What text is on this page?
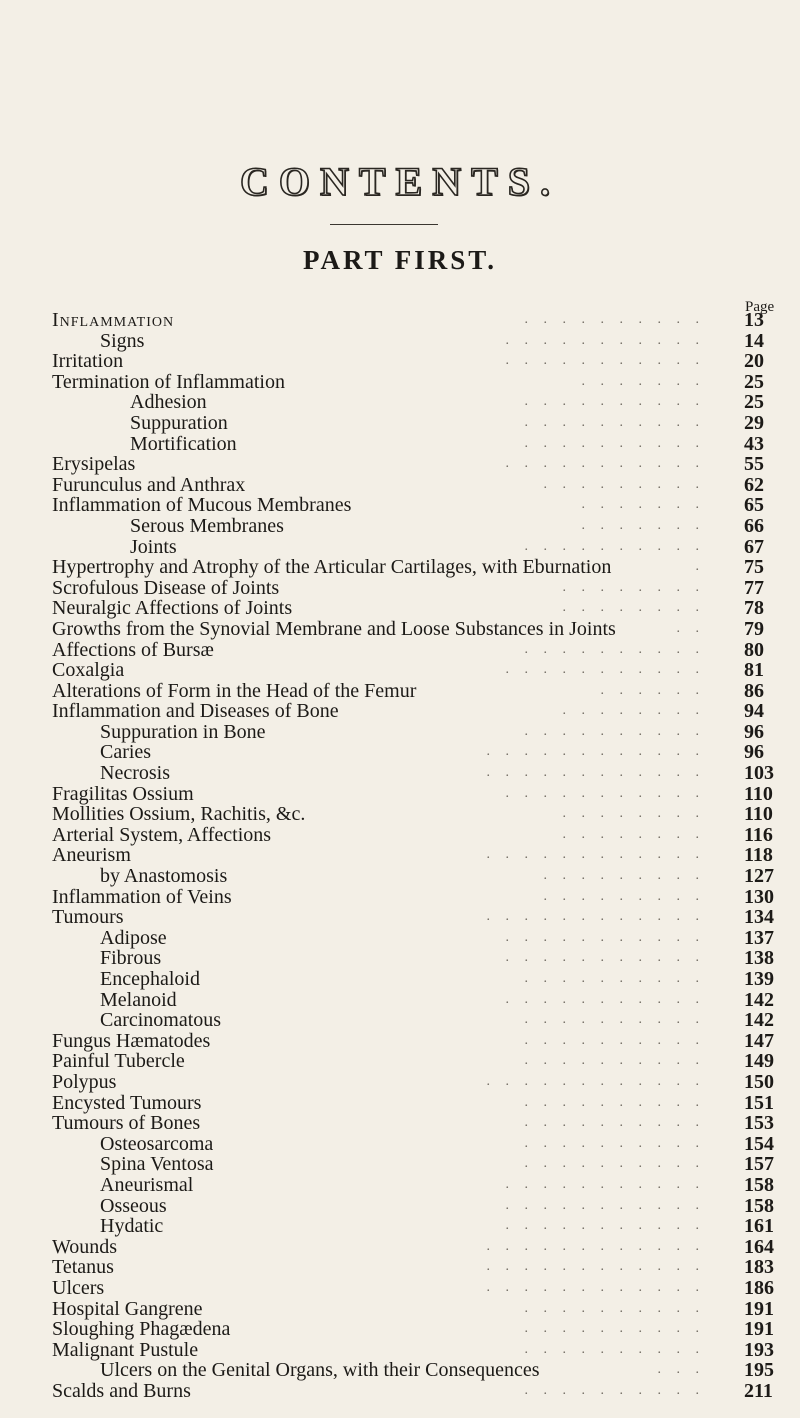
CONTENTS.
PART FIRST.
Page
Inflammation	. . . . . . . . . . 13
Signs	. . . . . . . . . . . 14
Irritation	. . . . . . . . . . . 20
Termination of Inflammation	. . . . . . . 25
Adhesion	. . . . . . . . . . 25
Suppuration	. . . . . . . . . . 29
Mortification	. . . . . . . . . . 43
Erysipelas	. . . . . . . . . . . 55
Furunculus and Anthrax	. . . . . . . . . 62
Inflammation of Mucous Membranes	. . . . . . . 65
Serous Membranes	. . . . . . . 66
Joints	. . . . . . . . . . 67
Hypertrophy and Atrophy of the Articular Cartilages, with Eburnation	. 75
Scrofulous Disease of Joints	. . . . . . . . 77
Neuralgic Affections of Joints	. . . . . . . . 78
Growths from the Synovial Membrane and Loose Substances in Joints	. . 79
Affections of Bursæ	. . . . . . . . . . 80
Coxalgia	. . . . . . . . . . . 81
Alterations of Form in the Head of the Femur	. . . . . . 86
Inflammation and Diseases of Bone	. . . . . . . . 94
Suppuration in Bone	. . . . . . . . . . 96
Caries	. . . . . . . . . . . . 96
Necrosis	. . . . . . . . . . . . 103
Fragilitas Ossium	. . . . . . . . . . . 110
Mollities Ossium, Rachitis, &c.	. . . . . . . . 110
Arterial System, Affections	. . . . . . . . 116
Aneurism	. . . . . . . . . . . . 118
by Anastomosis	. . . . . . . . . 127
Inflammation of Veins	. . . . . . . . . 130
Tumours	. . . . . . . . . . . . 134
Adipose	. . . . . . . . . . . 137
Fibrous	. . . . . . . . . . . 138
Encephaloid	. . . . . . . . . . 139
Melanoid	. . . . . . . . . . . 142
Carcinomatous	. . . . . . . . . . 142
Fungus Hæmatodes	. . . . . . . . . . 147
Painful Tubercle	. . . . . . . . . . 149
Polypus	. . . . . . . . . . . . 150
Encysted Tumours	. . . . . . . . . . 151
Tumours of Bones	. . . . . . . . . . 153
Osteosarcoma	. . . . . . . . . . 154
Spina Ventosa	. . . . . . . . . . 157
Aneurismal	. . . . . . . . . . . 158
Osseous	. . . . . . . . . . . 158
Hydatic	. . . . . . . . . . . 161
Wounds	. . . . . . . . . . . . 164
Tetanus	. . . . . . . . . . . . 183
Ulcers	. . . . . . . . . . . . 186
Hospital Gangrene	. . . . . . . . . . 191
Sloughing Phagædena	. . . . . . . . . . 191
Malignant Pustule	. . . . . . . . . . 193
Ulcers on the Genital Organs, with their Consequences	. . . 195
Scalds and Burns	. . . . . . . . . . 211
